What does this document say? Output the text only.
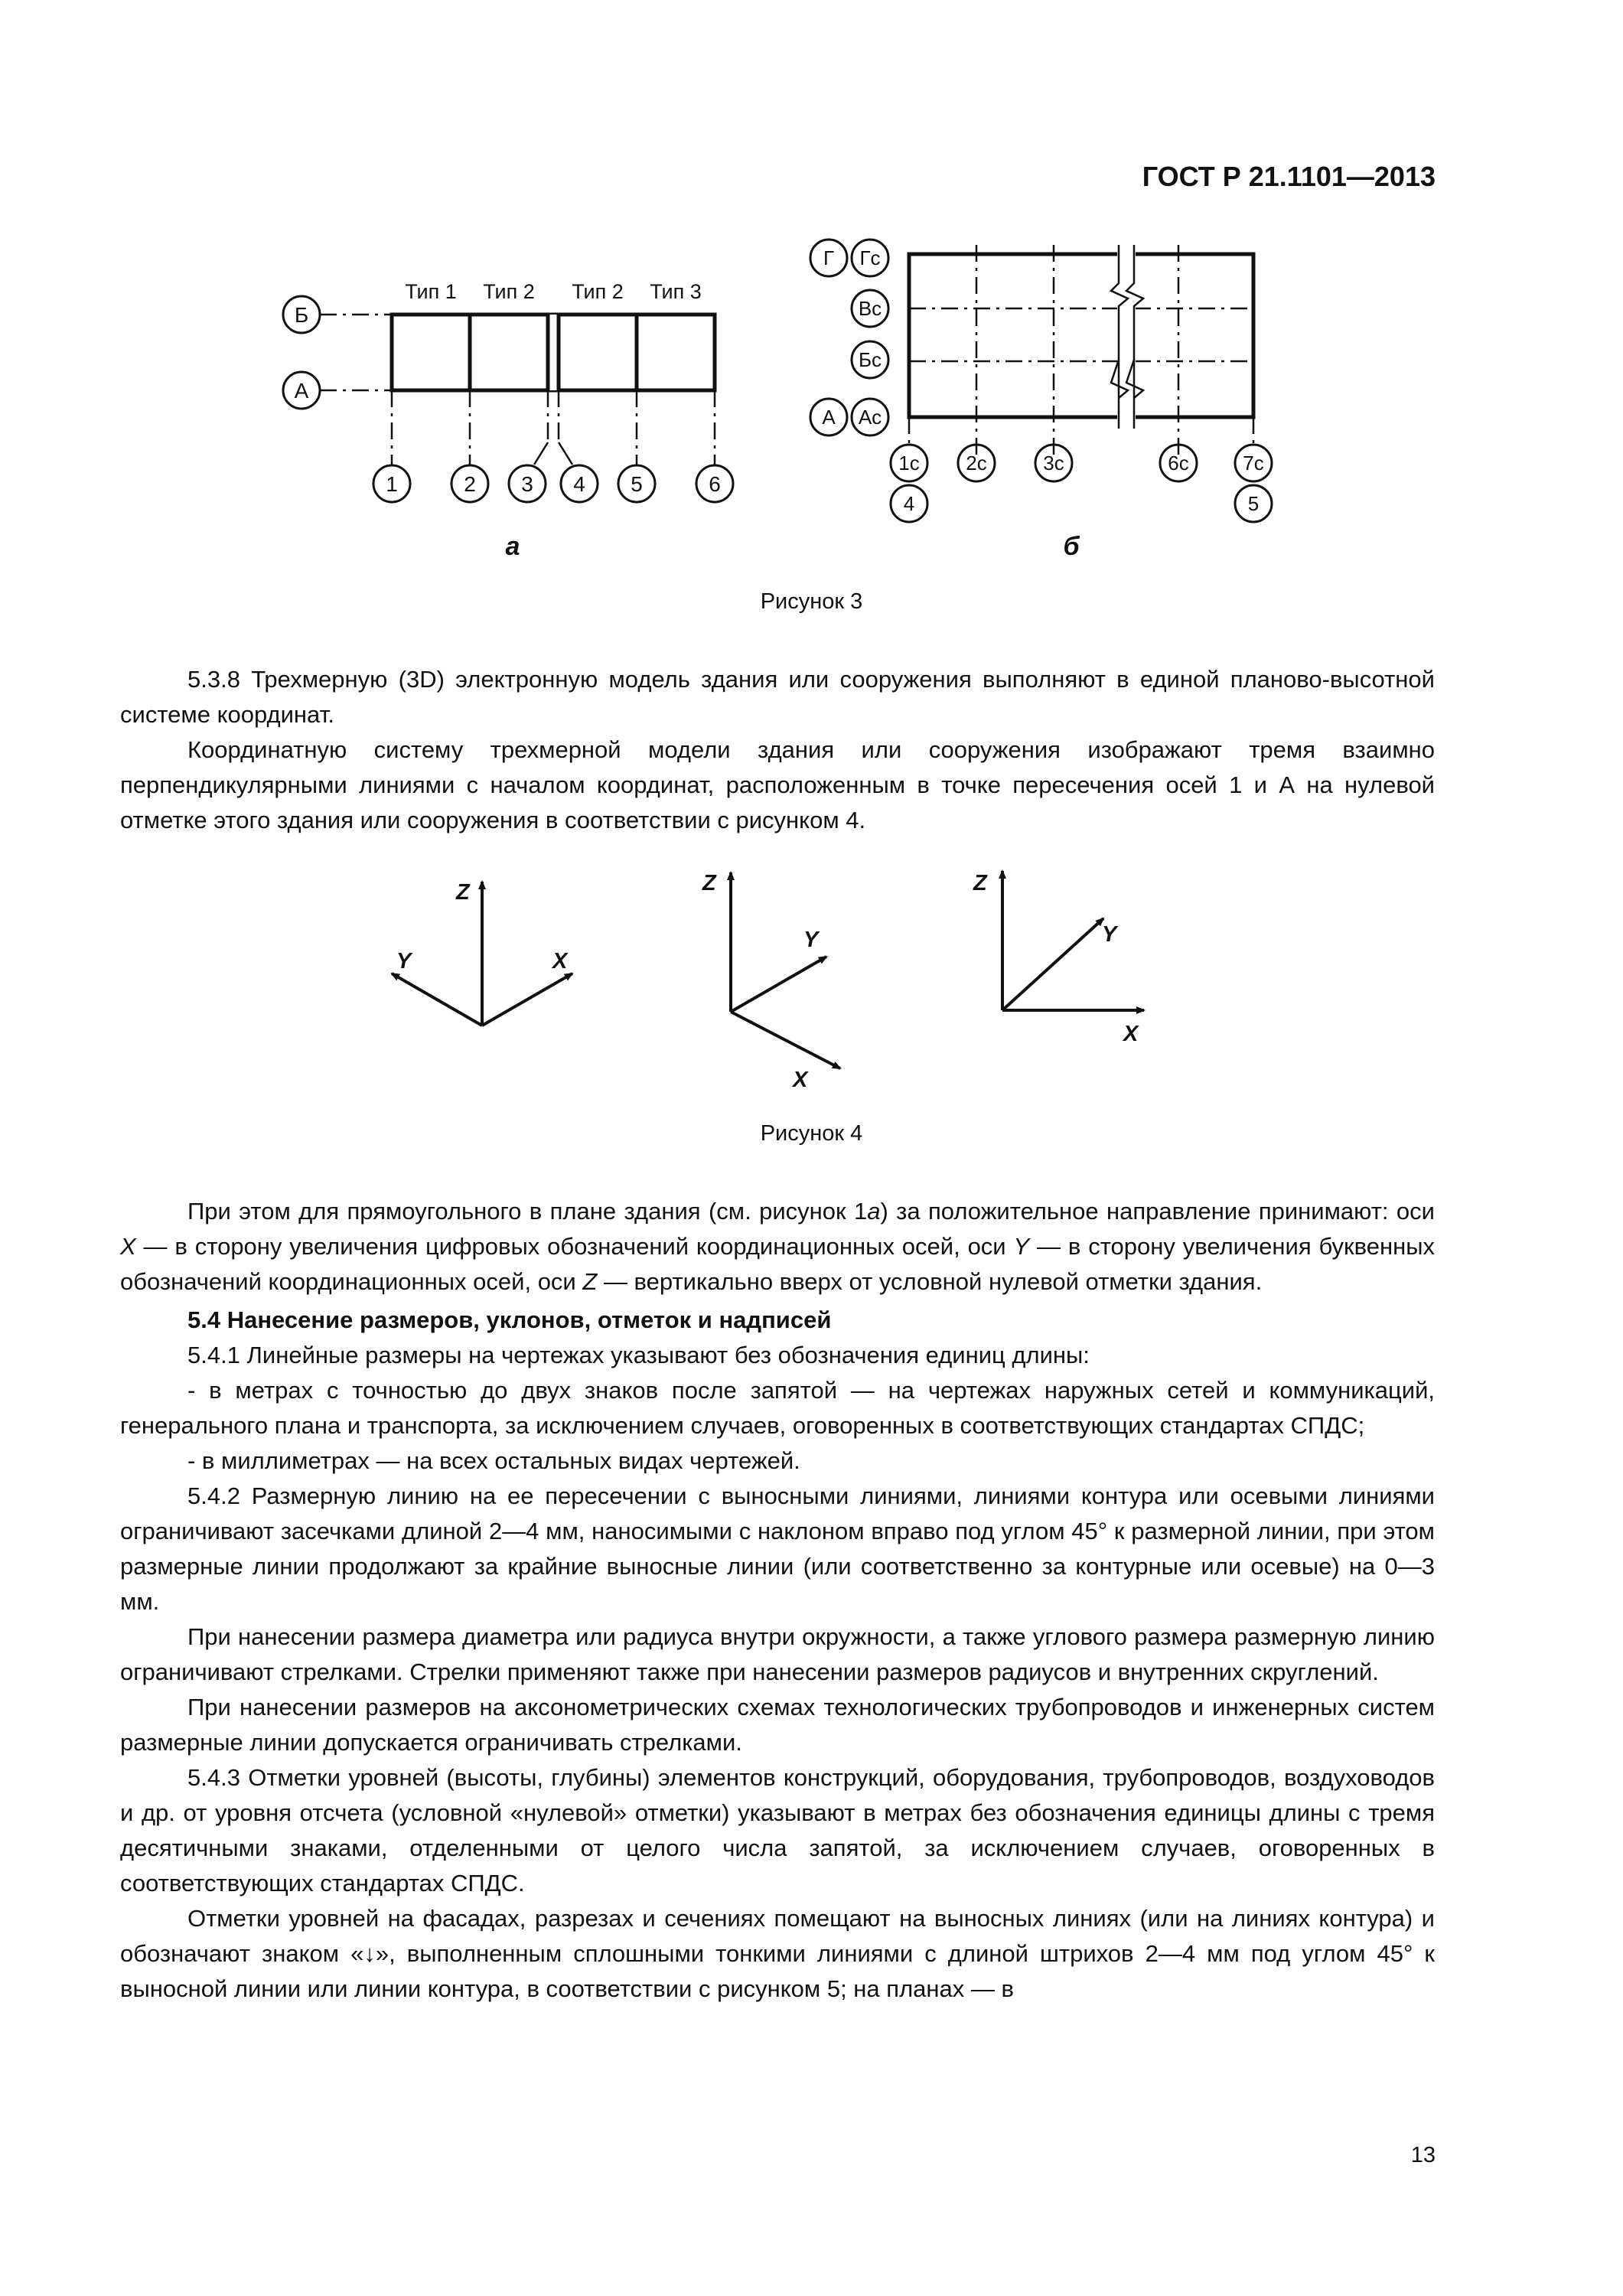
ГОСТ Р 21.1101—2013
Б
А
1	2 3 4 5	6
Тип 1 Тип 2 Тип 2 Тип 3
а
Г Гс
Вс
Бс
А Ас
1с 2с	3с	6с	7с
4	5
б
Рисунок 3

5.3.8 Трехмерную (3D) электронную модель здания или сооружения выполняют в единой планово-высотной системе координат.

Координатную систему трехмерной модели здания или сооружения изображают тремя взаимно перпендикулярными линиями с началом координат, расположенным в точке пересечения осей 1 и А на нулевой отметке этого здания или сооружения в соответствии с рисунком 4.

Z
Y	X
Z
Y
X
Z
Y
X
Рисунок 4

При этом для прямоугольного в плане здания (см. рисунок 1а) за положительное направление принимают: оси X — в сторону увеличения цифровых обозначений координационных осей, оси Y — в сторону увеличения буквенных обозначений координационных осей, оси Z — вертикально вверх от условной нулевой отметки здания.

5.4 Нанесение размеров, уклонов, отметок и надписей

5.4.1 Линейные размеры на чертежах указывают без обозначения единиц длины:

- в метрах с точностью до двух знаков после запятой — на чертежах наружных сетей и коммуникаций, генерального плана и транспорта, за исключением случаев, оговоренных в соответствующих стандартах СПДС;

- в миллиметрах — на всех остальных видах чертежей.

5.4.2 Размерную линию на ее пересечении с выносными линиями, линиями контура или осевыми линиями ограничивают засечками длиной 2—4 мм, наносимыми с наклоном вправо под углом 45° к размерной линии, при этом размерные линии продолжают за крайние выносные линии (или соответственно за контурные или осевые) на 0—3 мм.

При нанесении размера диаметра или радиуса внутри окружности, а также углового размера размерную линию ограничивают стрелками. Стрелки применяют также при нанесении размеров радиусов и внутренних скруглений.

При нанесении размеров на аксонометрических схемах технологических трубопроводов и инженерных систем размерные линии допускается ограничивать стрелками.

5.4.3 Отметки уровней (высоты, глубины) элементов конструкций, оборудования, трубопроводов, воздуховодов и др. от уровня отсчета (условной «нулевой» отметки) указывают в метрах без обозначения единицы длины с тремя десятичными знаками, отделенными от целого числа запятой, за исключением случаев, оговоренных в соответствующих стандартах СПДС.

Отметки уровней на фасадах, разрезах и сечениях помещают на выносных линиях (или на линиях контура) и обозначают знаком «↓», выполненным сплошными тонкими линиями с длиной штрихов 2—4 мм под углом 45° к выносной линии или линии контура, в соответствии с рисунком 5; на планах — в

13
